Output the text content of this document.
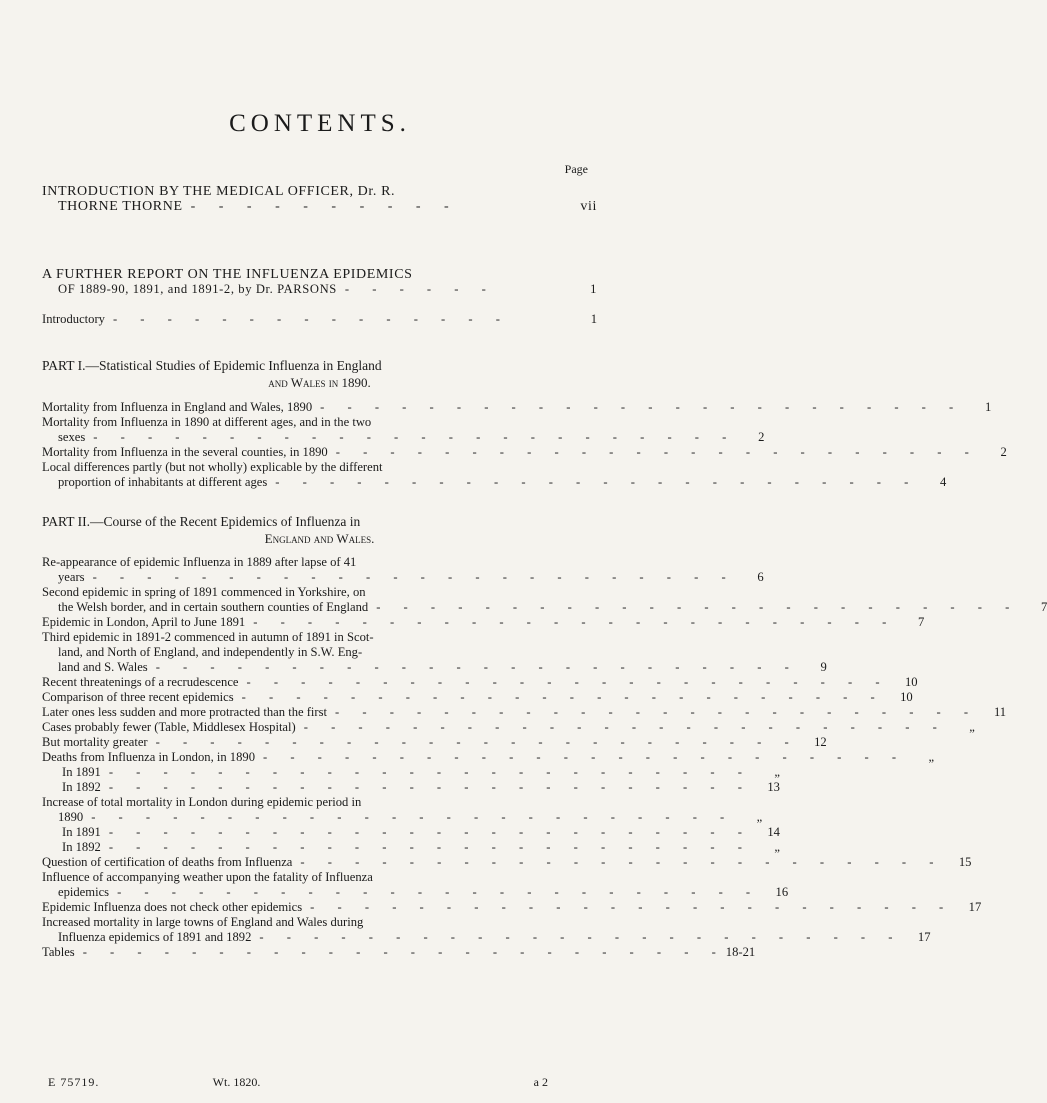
CONTENTS.
Page
INTRODUCTION BY THE MEDICAL OFFICER, Dr. R.
THORNE THORNE - - - - - - - - - -	vii
A FURTHER REPORT ON THE INFLUENZA EPIDEMICS
OF 1889-90, 1891, and 1891-2, by Dr. PARSONS - - - - - -	1
Introductory - - - - - - - - - - - - - - -	1
PART I.—Statistical Studies of Epidemic Influenza in England
and Wales in 1890.
Mortality from Influenza in England and Wales, 1890 - - - - - - - - - - - - - - - - - - - - - - - -	1
Mortality from Influenza in 1890 at different ages, and in the two
sexes - - - - - - - - - - - - - - - - - - - - - - - -	2
Mortality from Influenza in the several counties, in 1890 - - - - - - - - - - - - - - - - - - - - - - - -	2
Local differences partly (but not wholly) explicable by the different
proportion of inhabitants at different ages - - - - - - - - - - - - - - - - - - - - - - - -	4
PART II.—Course of the Recent Epidemics of Influenza in
England and Wales.
Re-appearance of epidemic Influenza in 1889 after lapse of 41
years - - - - - - - - - - - - - - - - - - - - - - - -	6
Second epidemic in spring of 1891 commenced in Yorkshire, on
the Welsh border, and in certain southern counties of England - - - - - - - - - - - - - - - - - - - - - - - -	7
Epidemic in London, April to June 1891 - - - - - - - - - - - - - - - - - - - - - - - -	7
Third epidemic in 1891-2 commenced in autumn of 1891 in Scot-
land, and North of England, and independently in S.W. Eng-
land and S. Wales - - - - - - - - - - - - - - - - - - - - - - - -	9
Recent threatenings of a recrudescence - - - - - - - - - - - - - - - - - - - - - - - -	10
Comparison of three recent epidemics - - - - - - - - - - - - - - - - - - - - - - - -	10
Later ones less sudden and more protracted than the first - - - - - - - - - - - - - - - - - - - - - - - -	11
Cases probably fewer (Table, Middlesex Hospital) - - - - - - - - - - - - - - - - - - - - - - - -	„
But mortality greater - - - - - - - - - - - - - - - - - - - - - - - -	12
Deaths from Influenza in London, in 1890 - - - - - - - - - - - - - - - - - - - - - - - -	„
In 1891 - - - - - - - - - - - - - - - - - - - - - - - -	„
In 1892 - - - - - - - - - - - - - - - - - - - - - - - -	13
Increase of total mortality in London during epidemic period in
1890 - - - - - - - - - - - - - - - - - - - - - - - -	„
In 1891 - - - - - - - - - - - - - - - - - - - - - - - -	14
In 1892 - - - - - - - - - - - - - - - - - - - - - - - -	„
Question of certification of deaths from Influenza - - - - - - - - - - - - - - - - - - - - - - - -	15
Influence of accompanying weather upon the fatality of Influenza
epidemics - - - - - - - - - - - - - - - - - - - - - - - -	16
Epidemic Influenza does not check other epidemics - - - - - - - - - - - - - - - - - - - - - - - -	17
Increased mortality in large towns of England and Wales during
Influenza epidemics of 1891 and 1892 - - - - - - - - - - - - - - - - - - - - - - - -	17
Tables - - - - - - - - - - - - - - - - - - - - - - - - 18-21
E 75719.	Wt. 1820.	a 2
